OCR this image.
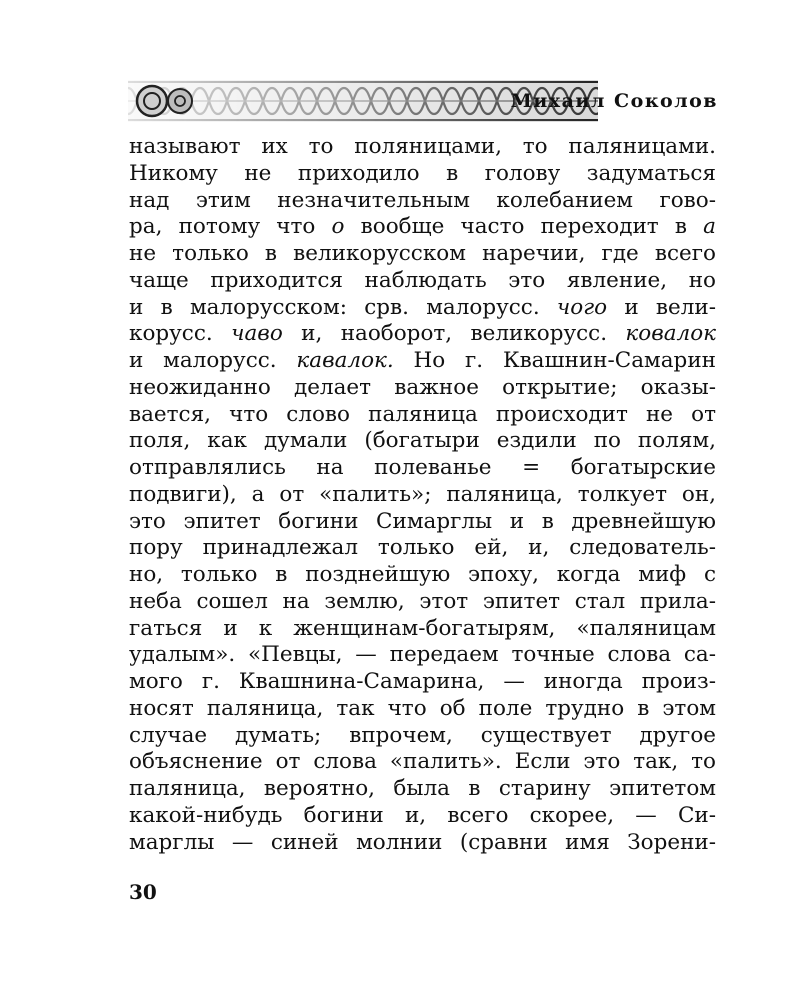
Михаил Соколов
называют их то поляницами, то паляницами.
Никому не приходило в голову задуматься
над этим незначительным колебанием гово-
ра, потому что о вообще часто переходит в а
не только в великорусском наречии, где всего
чаще приходится наблюдать это явление, но
и в малорусском: срв. малорусс. чого и вели-
корусс. чаво и, наоборот, великорусс. ковалок
и малорусс. кавалок. Но г. Квашнин-Самарин
неожиданно делает важное открытие; оказы-
вается, что слово паляница происходит не от
поля, как думали (богатыри ездили по полям,
отправлялись на полеванье = богатырские
подвиги), а от «палить»; паляница, толкует он,
это эпитет богини Симарглы и в древнейшую
пору принадлежал только ей, и, следователь-
но, только в позднейшую эпоху, когда миф с
неба сошел на землю, этот эпитет стал прила-
гаться и к женщинам-богатырям, «паляницам
удалым». «Певцы, — передаем точные слова са-
мого г. Квашнина-Самарина, — иногда произ-
носят паляница, так что об поле трудно в этом
случае думать; впрочем, существует другое
объяснение от слова «палить». Если это так, то
паляница, вероятно, была в старину эпитетом
какой-нибудь богини и, всего скорее, — Си-
марглы — синей молнии (сравни имя Зорени-
30
